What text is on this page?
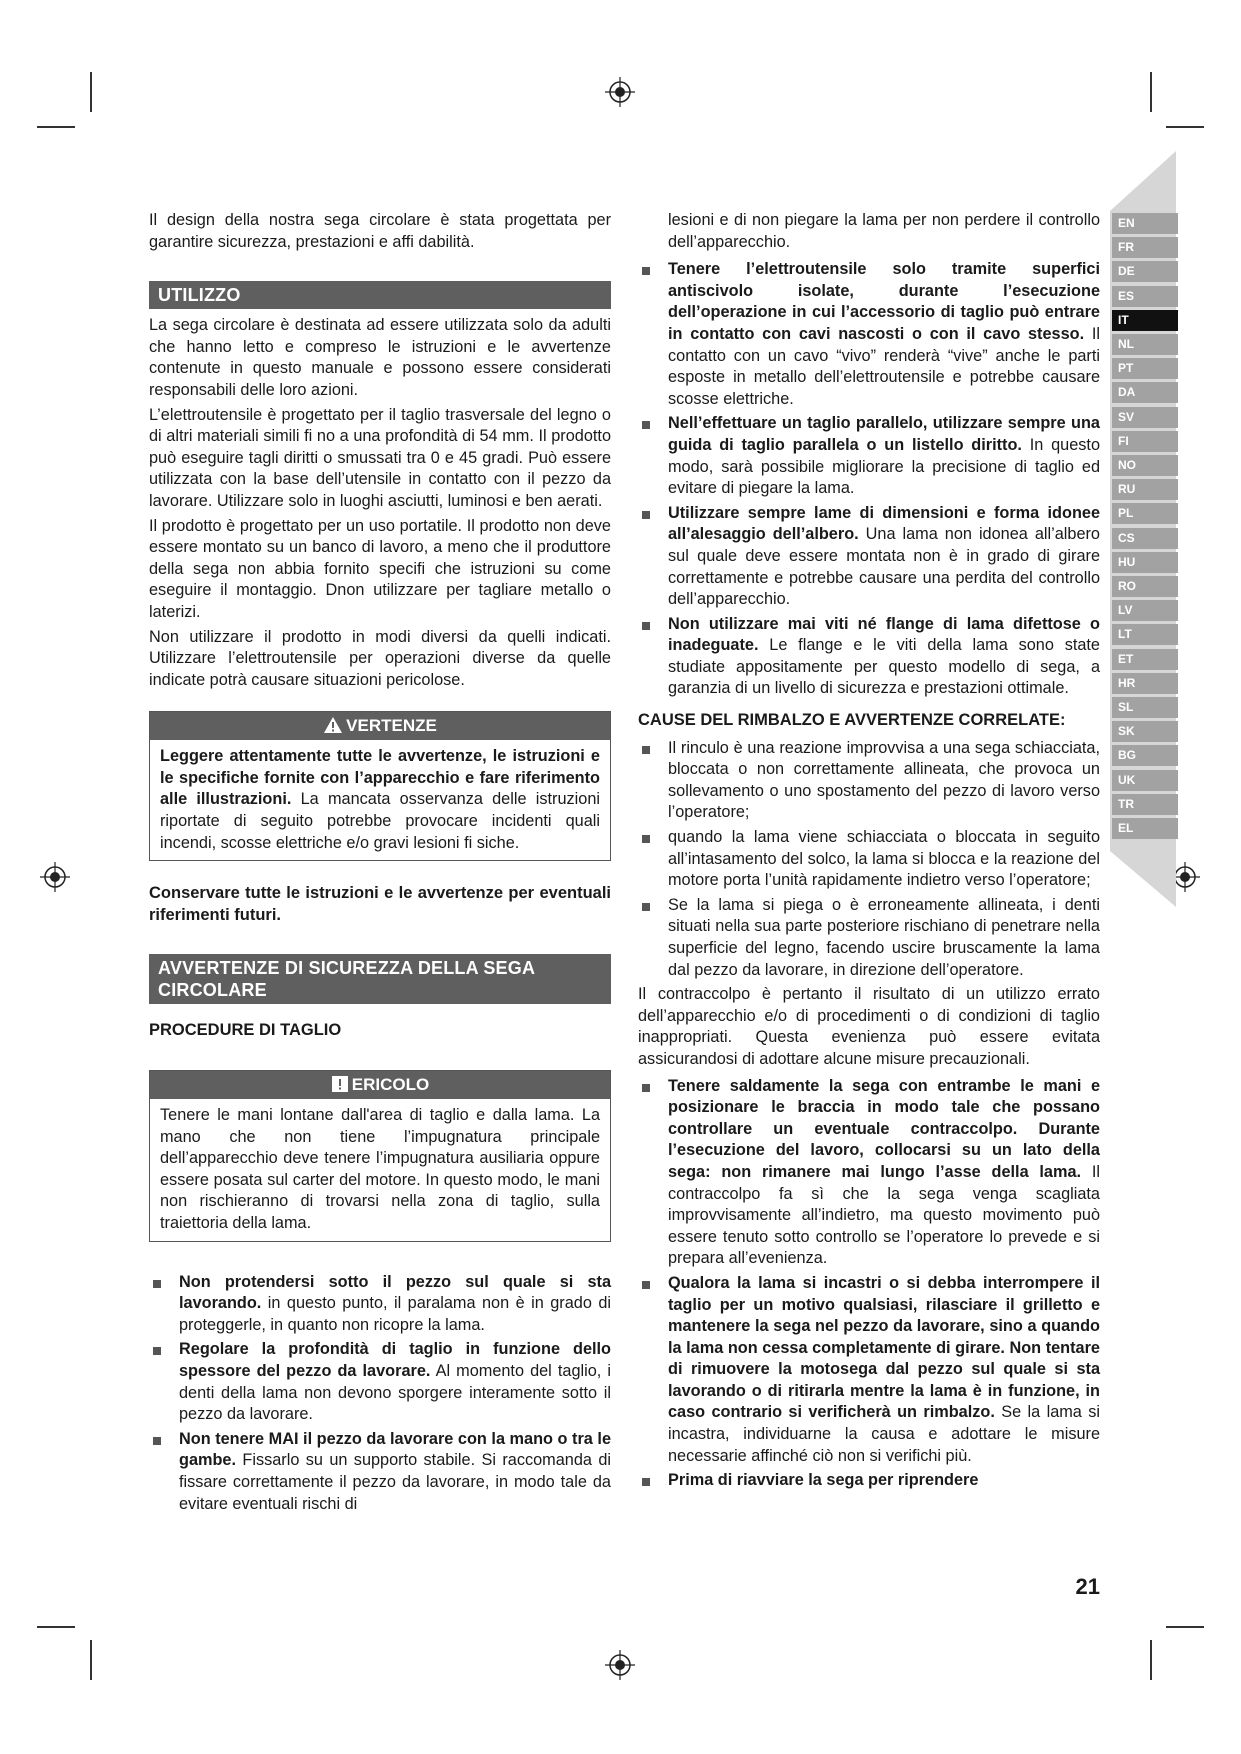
EN
FR
DE
ES
IT
NL
PT
DA
SV
FI
NO
RU
PL
CS
HU
RO
LV
LT
ET
HR
SL
SK
BG
UK
TR
EL

Il design della nostra sega circolare è stata progettata per garantire sicurezza, prestazioni e affi dabilità.

UTILIZZO

La sega circolare è destinata ad essere utilizzata solo da adulti che hanno letto e compreso le istruzioni e le avvertenze contenute in questo manuale e possono essere considerati responsabili delle loro azioni.

L’elettroutensile è progettato per il taglio trasversale del legno o di altri materiali simili fi no a una profondità di 54 mm. Il prodotto può eseguire tagli diritti o smussati tra 0 e 45 gradi. Può essere utilizzata con la base dell’utensile in contatto con il pezzo da lavorare. Utilizzare solo in luoghi asciutti, luminosi e ben aerati.

Il prodotto è progettato per un uso portatile. Il prodotto non deve essere montato su un banco di lavoro, a meno che il produttore della sega non abbia fornito specifi che istruzioni su come eseguire il montaggio. Dnon utilizzare per tagliare metallo o laterizi.

Non utilizzare il prodotto in modi diversi da quelli indicati. Utilizzare l’elettroutensile per operazioni diverse da quelle indicate potrà causare situazioni pericolose.

VERTENZE

Leggere attentamente tutte le avvertenze, le istruzioni e le specifiche fornite con l’apparecchio e fare riferimento alle illustrazioni. La mancata osservanza delle istruzioni riportate di seguito potrebbe provocare incidenti quali incendi, scosse elettriche e/o gravi lesioni fi siche.

Conservare tutte le istruzioni e le avvertenze per eventuali riferimenti futuri.

AVVERTENZE DI SICUREZZA DELLA SEGA CIRCOLARE

PROCEDURE DI TAGLIO

ERICOLO

Tenere le mani lontane dall'area di taglio e dalla lama. La mano che non tiene l’impugnatura principale dell’apparecchio deve tenere l’impugnatura ausiliaria oppure essere posata sul carter del motore. In questo modo, le mani non rischieranno di trovarsi nella zona di taglio, sulla traiettoria della lama.

Non protendersi sotto il pezzo sul quale si sta lavorando. in questo punto, il paralama non è in grado di proteggerle, in quanto non ricopre la lama.
Regolare la profondità di taglio in funzione dello spessore del pezzo da lavorare. Al momento del taglio, i denti della lama non devono sporgere interamente sotto il pezzo da lavorare.
Non tenere MAI il pezzo da lavorare con la mano o tra le gambe. Fissarlo su un supporto stabile. Si raccomanda di fissare correttamente il pezzo da lavorare, in modo tale da evitare eventuali rischi di

lesioni e di non piegare la lama per non perdere il controllo dell’apparecchio.

Tenere l’elettroutensile solo tramite superfici antiscivolo isolate, durante l’esecuzione dell’operazione in cui l’accessorio di taglio può entrare in contatto con cavi nascosti o con il cavo stesso. Il contatto con un cavo “vivo” renderà “vive” anche le parti esposte in metallo dell’elettroutensile e potrebbe causare scosse elettriche.
Nell’effettuare un taglio parallelo, utilizzare sempre una guida di taglio parallela o un listello diritto. In questo modo, sarà possibile migliorare la precisione di taglio ed evitare di piegare la lama.
Utilizzare sempre lame di dimensioni e forma idonee all’alesaggio dell’albero. Una lama non idonea all’albero sul quale deve essere montata non è in grado di girare correttamente e potrebbe causare una perdita del controllo dell’apparecchio.
Non utilizzare mai viti né flange di lama difettose o inadeguate. Le flange e le viti della lama sono state studiate appositamente per questo modello di sega, a garanzia di un livello di sicurezza e prestazioni ottimale.

CAUSE DEL RIMBALZO E AVVERTENZE CORRELATE:

Il rinculo è una reazione improvvisa a una sega schiacciata, bloccata o non correttamente allineata, che provoca un sollevamento o uno spostamento del pezzo di lavoro verso l’operatore;
quando la lama viene schiacciata o bloccata in seguito all’intasamento del solco, la lama si blocca e la reazione del motore porta l’unità rapidamente indietro verso l’operatore;
Se la lama si piega o è erroneamente allineata, i denti situati nella sua parte posteriore rischiano di penetrare nella superficie del legno, facendo uscire bruscamente la lama dal pezzo da lavorare, in direzione dell’operatore.

Il contraccolpo è pertanto il risultato di un utilizzo errato dell’apparecchio e/o di procedimenti o di condizioni di taglio inappropriati. Questa evenienza può essere evitata assicurandosi di adottare alcune misure precauzionali.

Tenere saldamente la sega con entrambe le mani e posizionare le braccia in modo tale che possano controllare un eventuale contraccolpo. Durante l’esecuzione del lavoro, collocarsi su un lato della sega: non rimanere mai lungo l’asse della lama. Il contraccolpo fa sì che la sega venga scagliata improvvisamente all’indietro, ma questo movimento può essere tenuto sotto controllo se l’operatore lo prevede e si prepara all’evenienza.
Qualora la lama si incastri o si debba interrompere il taglio per un motivo qualsiasi, rilasciare il grilletto e mantenere la sega nel pezzo da lavorare, sino a quando la lama non cessa completamente di girare. Non tentare di rimuovere la motosega dal pezzo sul quale si sta lavorando o di ritirarla mentre la lama è in funzione, in caso contrario si verificherà un rimbalzo. Se la lama si incastra, individuarne la causa e adottare le misure necessarie affinché ciò non si verifichi più.
Prima di riavviare la sega per riprendere
21
